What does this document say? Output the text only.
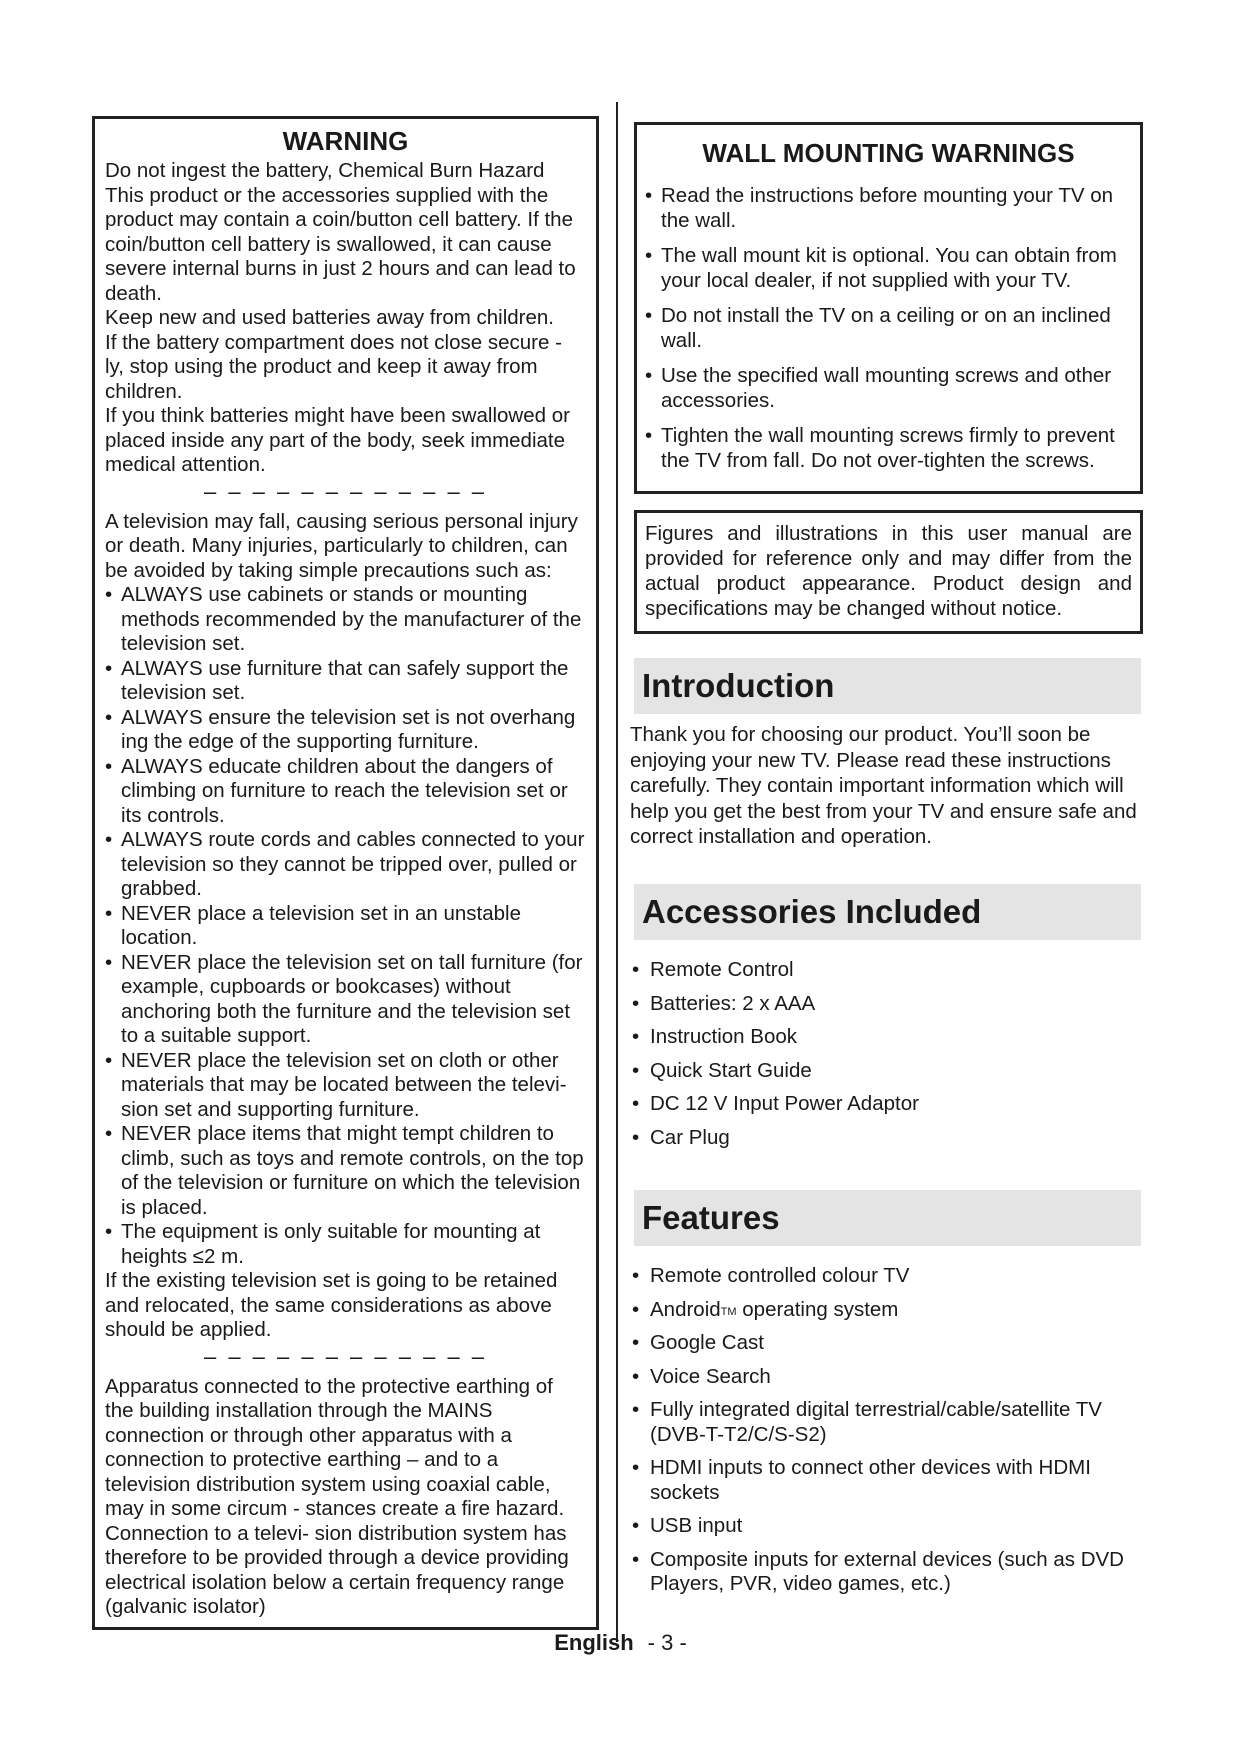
WARNING

Do not ingest the battery, Chemical Burn Hazard

This product or the accessories supplied with the product may contain a coin/button cell battery. If the coin/button cell battery is swallowed, it can cause severe internal burns in just 2 hours and can lead to death.

Keep new and used batteries away from children.

If the battery compartment does not close secure - ly, stop using the product and keep it away from children.

If you think batteries might have been swallowed or placed inside any part of the body, seek immediate medical attention.

– – – – – – – – – – – –

A television may fall, causing serious personal injury or death. Many injuries, particularly to children, can be avoided by taking simple precautions such as:

• ALWAYS use cabinets or stands or mounting methods recommended by the manufacturer of the television set.
• ALWAYS use furniture that can safely support the television set.
• ALWAYS ensure the television set is not overhang ing the edge of the supporting furniture.
• ALWAYS educate children about the dangers of climbing on furniture to reach the television set or its controls.
• ALWAYS route cords and cables connected to your television so they cannot be tripped over, pulled or grabbed.
• NEVER place a television set in an unstable location.
• NEVER place the television set on tall furniture (for example, cupboards or bookcases) without anchoring both the furniture and the television set to a suitable support.
• NEVER place the television set on cloth or other materials that may be located between the televi- sion set and supporting furniture.
• NEVER place items that might tempt children to climb, such as toys and remote controls, on the top of the television or furniture on which the television is placed.
• The equipment is only suitable for mounting at heights ≤2 m.

If the existing television set is going to be retained and relocated, the same considerations as above should be applied.

– – – – – – – – – – – –

Apparatus connected to the protective earthing of the building installation through the MAINS connection or through other apparatus with a connection to protective earthing – and to a television distribution system using coaxial cable, may in some circum - stances create a fire hazard. Connection to a televi- sion distribution system has therefore to be provided through a device providing electrical isolation below a certain frequency range (galvanic isolator)

WALL MOUNTING WARNINGS
• Read the instructions before mounting your TV on the wall.
• The wall mount kit is optional. You can obtain from your local dealer, if not supplied with your TV.
• Do not install the TV on a ceiling or on an inclined wall.
• Use the specified wall mounting screws and other accessories.
• Tighten the wall mounting screws firmly to prevent the TV from fall. Do not over-tighten the screws.
Figures and illustrations in this user manual are provided for reference only and may differ from the actual product appearance. Product design and specifications may be changed without notice.
Introduction
Thank you for choosing our product. You’ll soon be enjoying your new TV. Please read these instructions carefully. They contain important information which will help you get the best from your TV and ensure safe and correct installation and operation.
Accessories Included
• Remote Control
• Batteries: 2 x AAA
• Instruction Book
• Quick Start Guide
• DC 12 V Input Power Adaptor
• Car Plug
Features
• Remote controlled colour TV
• Android™ operating system
• Google Cast
• Voice Search
• Fully integrated digital terrestrial/cable/satellite TV (DVB-T-T2/C/S-S2)
• HDMI inputs to connect other devices with HDMI sockets
• USB input
• Composite inputs for external devices (such as DVD Players, PVR, video games, etc.)
English - 3 -
